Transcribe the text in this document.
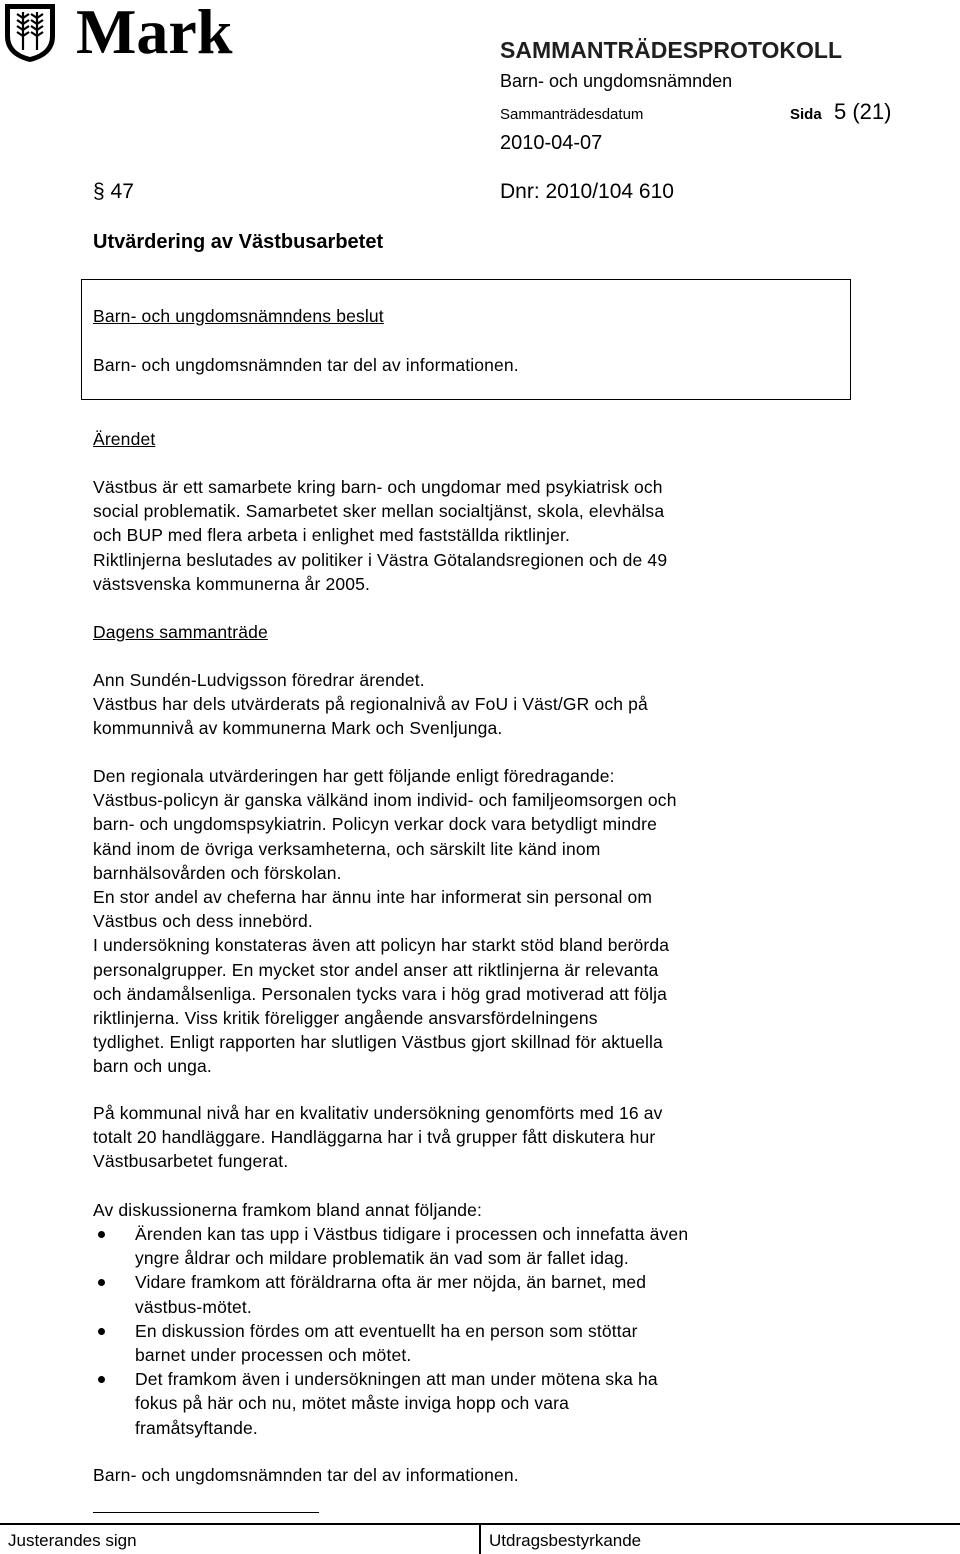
Mark	SAMMANTRÄDESPROTOKOLL
Barn- och ungdomsnämnden
Sammanträdesdatum	Sida 5 (21)
2010-04-07
§ 47	Dnr: 2010/104 610
Utvärdering av Västbusarbetet
Barn- och ungdomsnämndens beslut
Barn- och ungdomsnämnden tar del av informationen.
Ärendet
Västbus är ett samarbete kring barn- och ungdomar med psykiatrisk och
social problematik. Samarbetet sker mellan socialtjänst, skola, elevhälsa
och BUP med flera arbeta i enlighet med fastställda riktlinjer.
Riktlinjerna beslutades av politiker i Västra Götalandsregionen och de 49
västsvenska kommunerna år 2005.
Dagens sammanträde
Ann Sundén-Ludvigsson föredrar ärendet.
Västbus har dels utvärderats på regionalnivå av FoU i Väst/GR och på
kommunnivå av kommunerna Mark och Svenljunga.
Den regionala utvärderingen har gett följande enligt föredragande:
Västbus-policyn är ganska välkänd inom individ- och familjeomsorgen och
barn- och ungdomspsykiatrin. Policyn verkar dock vara betydligt mindre
känd inom de övriga verksamheterna, och särskilt lite känd inom
barnhälsovården och förskolan.
En stor andel av cheferna har ännu inte har informerat sin personal om
Västbus och dess innebörd.
I undersökning konstateras även att policyn har starkt stöd bland berörda
personalgrupper. En mycket stor andel anser att riktlinjerna är relevanta
och ändamålsenliga. Personalen tycks vara i hög grad motiverad att följa
riktlinjerna. Viss kritik föreligger angående ansvarsfördelningens
tydlighet. Enligt rapporten har slutligen Västbus gjort skillnad för aktuella
barn och unga.
På kommunal nivå har en kvalitativ undersökning genomförts med 16 av
totalt 20 handläggare. Handläggarna har i två grupper fått diskutera hur
Västbusarbetet fungerat.
Av diskussionerna framkom bland annat följande:
Ärenden kan tas upp i Västbus tidigare i processen och innefatta även
yngre åldrar och mildare problematik än vad som är fallet idag.
Vidare framkom att föräldrarna ofta är mer nöjda, än barnet, med
västbus-mötet.
En diskussion fördes om att eventuellt ha en person som stöttar
barnet under processen och mötet.
Det framkom även i undersökningen att man under mötena ska ha
fokus på här och nu, mötet måste inviga hopp och vara
framåtsyftande.
Barn- och ungdomsnämnden tar del av informationen.
Justerandes sign	Utdragsbestyrkande
